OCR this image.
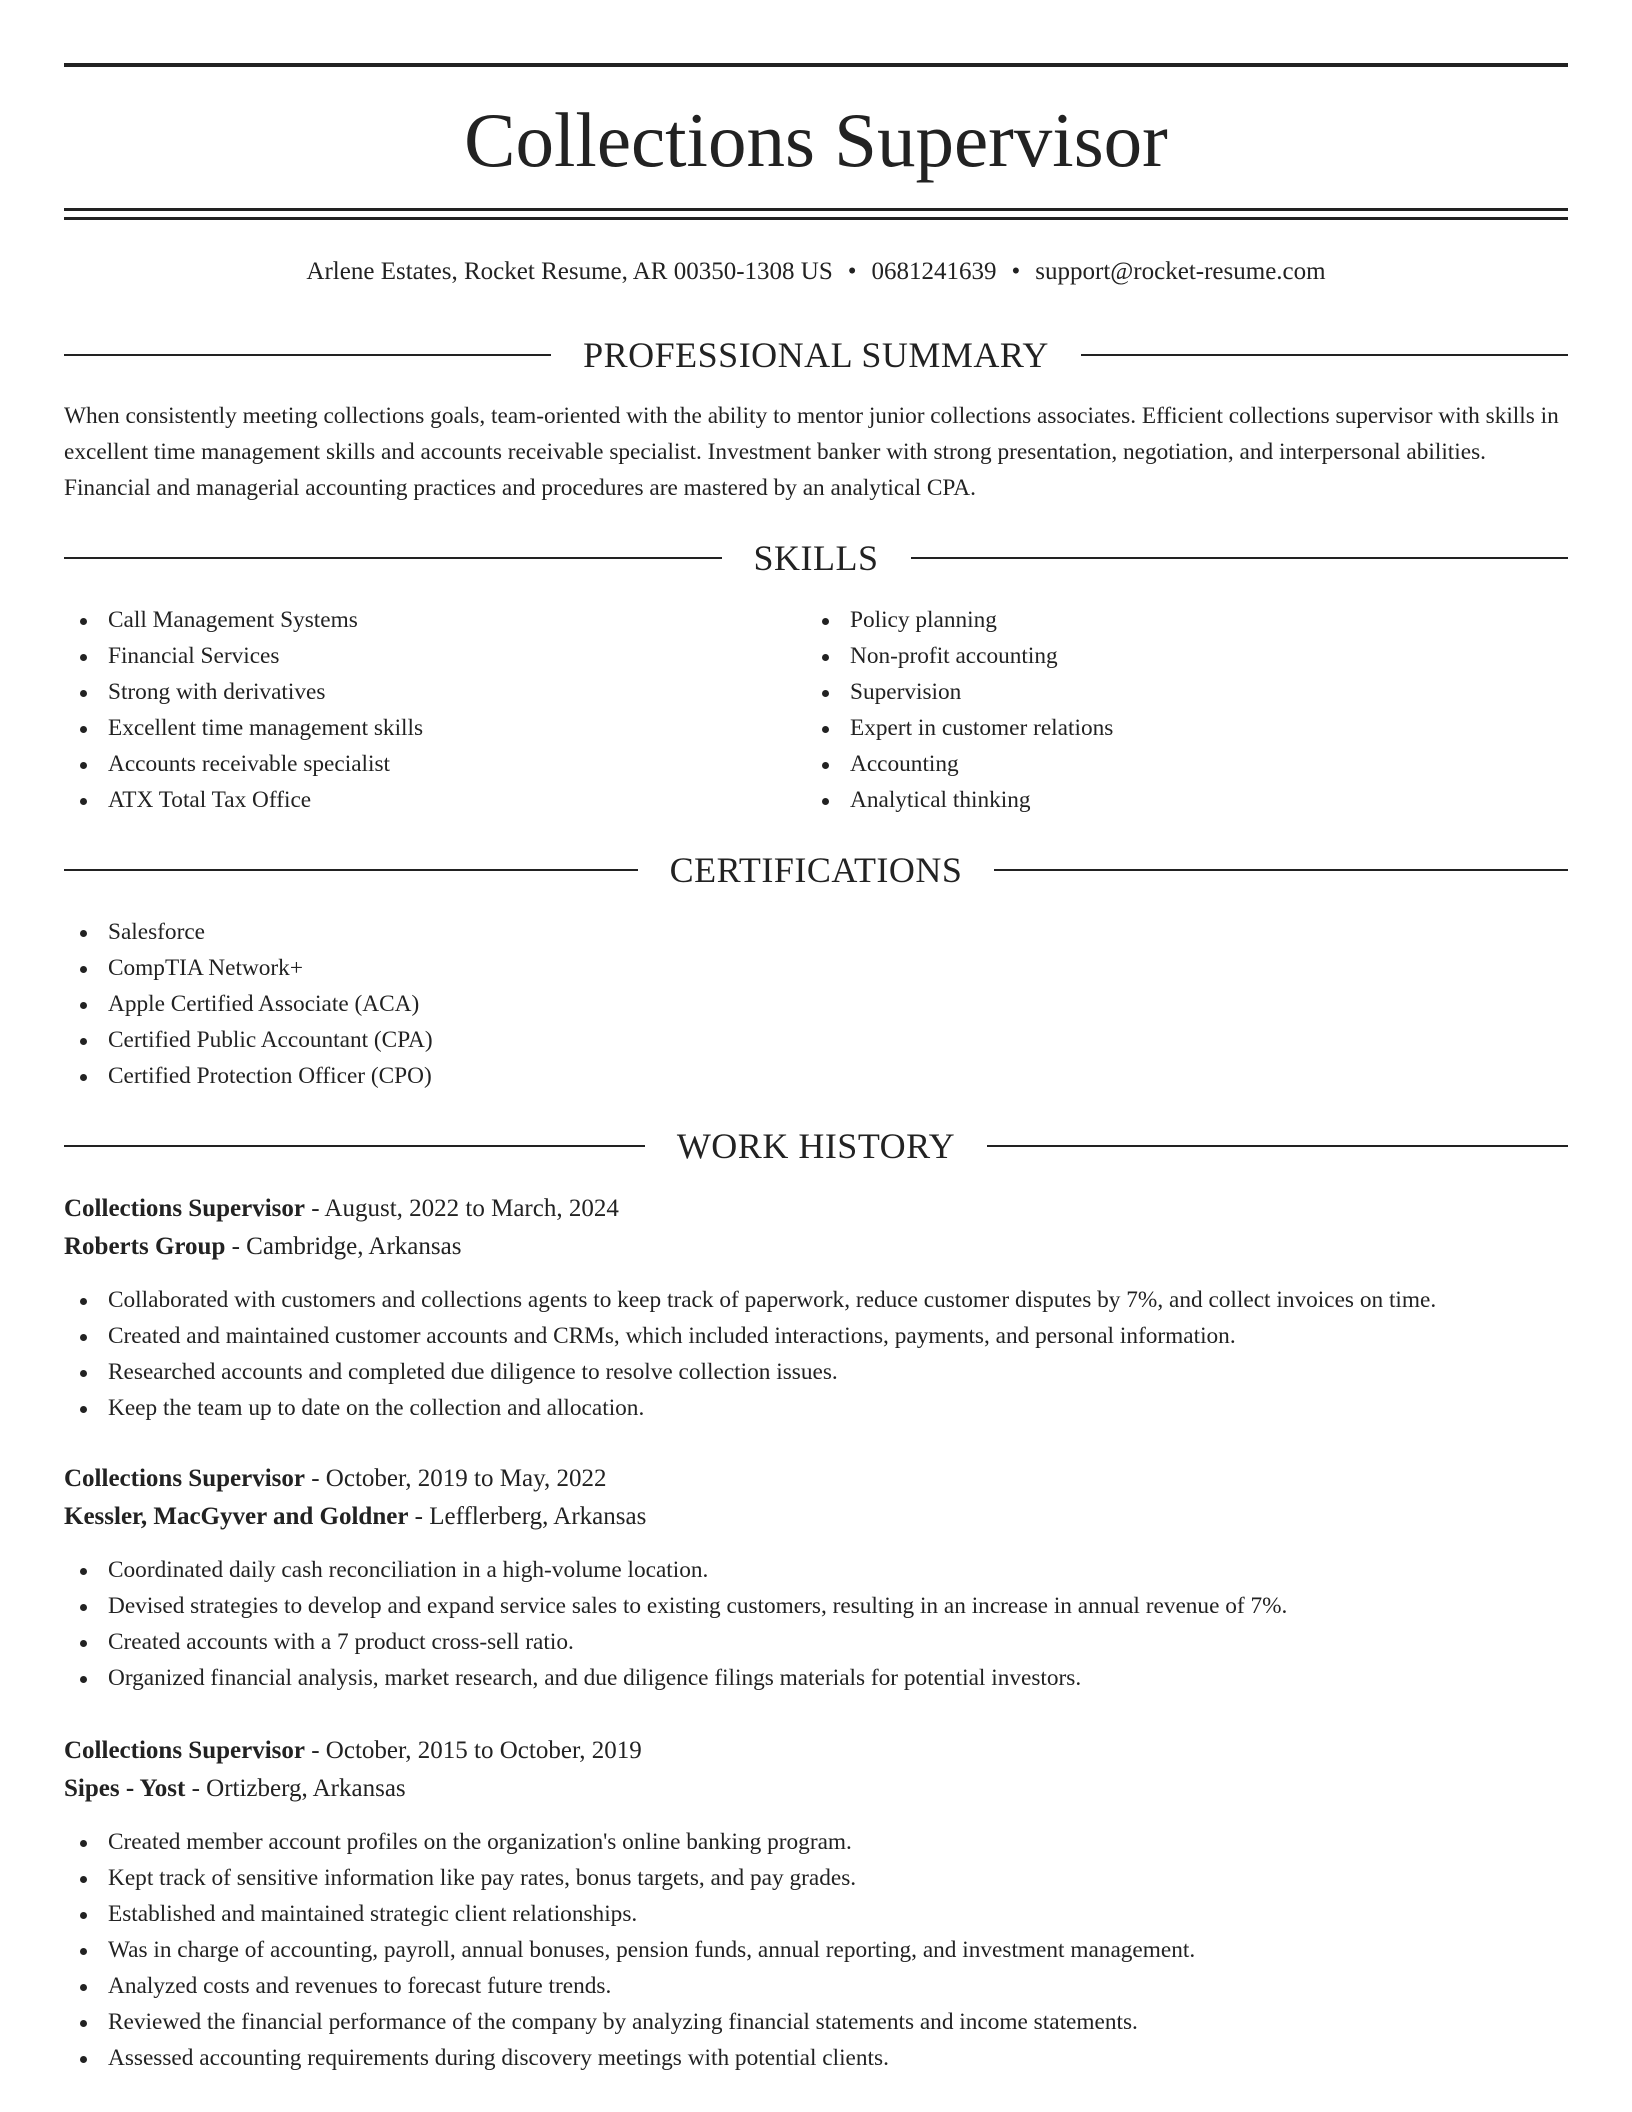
Collections Supervisor
Arlene Estates, Rocket Resume, AR 00350-1308 US • 0681241639 • support@rocket-resume.com
PROFESSIONAL SUMMARY

When consistently meeting collections goals, team-oriented with the ability to mentor junior collections associates. Efficient collections supervisor with skills in excellent time management skills and accounts receivable specialist. Investment banker with strong presentation, negotiation, and interpersonal abilities. Financial and managerial accounting practices and procedures are mastered by an analytical CPA.

SKILLS
Call Management Systems
Financial Services
Strong with derivatives
Excellent time management skills
Accounts receivable specialist
ATX Total Tax Office
Policy planning
Non-profit accounting
Supervision
Expert in customer relations
Accounting
Analytical thinking
CERTIFICATIONS
Salesforce
CompTIA Network+
Apple Certified Associate (ACA)
Certified Public Accountant (CPA)
Certified Protection Officer (CPO)
WORK HISTORY
Collections Supervisor - August, 2022 to March, 2024
Roberts Group - Cambridge, Arkansas
Collaborated with customers and collections agents to keep track of paperwork, reduce customer disputes by 7%, and collect invoices on time.
Created and maintained customer accounts and CRMs, which included interactions, payments, and personal information.
Researched accounts and completed due diligence to resolve collection issues.
Keep the team up to date on the collection and allocation.
Collections Supervisor - October, 2019 to May, 2022
Kessler, MacGyver and Goldner - Lefflerberg, Arkansas
Coordinated daily cash reconciliation in a high-volume location.
Devised strategies to develop and expand service sales to existing customers, resulting in an increase in annual revenue of 7%.
Created accounts with a 7 product cross-sell ratio.
Organized financial analysis, market research, and due diligence filings materials for potential investors.
Collections Supervisor - October, 2015 to October, 2019
Sipes - Yost - Ortizberg, Arkansas
Created member account profiles on the organization's online banking program.
Kept track of sensitive information like pay rates, bonus targets, and pay grades.
Established and maintained strategic client relationships.
Was in charge of accounting, payroll, annual bonuses, pension funds, annual reporting, and investment management.
Analyzed costs and revenues to forecast future trends.
Reviewed the financial performance of the company by analyzing financial statements and income statements.
Assessed accounting requirements during discovery meetings with potential clients.
